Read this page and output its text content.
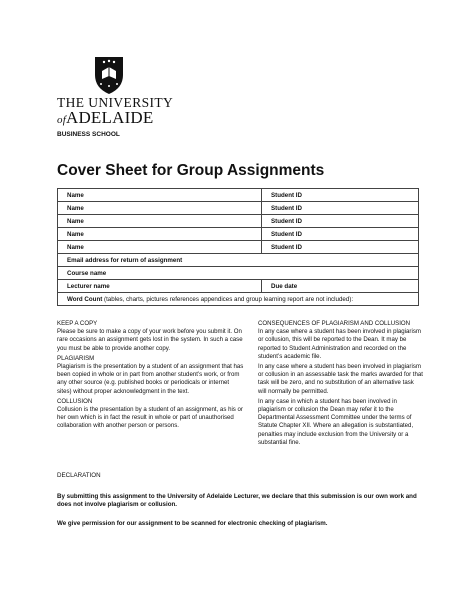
THE UNIVERSITY
ofADELAIDE
BUSINESS SCHOOL
Cover Sheet for Group Assignments
Name	Student ID
Name	Student ID
Name	Student ID
Name	Student ID
Name	Student ID
Email address for return of assignment	
Course name	
Lecturer name	Due date
Word Count (tables, charts, pictures references appendices and group learning report are not included):	
KEEP A COPY

Please be sure to make a copy of your work before you submit it. On rare occasions an assignment gets lost in the system. In such a case you must be able to provide another copy.

PLAGIARISM

Plagiarism is the presentation by a student of an assignment that has been copied in whole or in part from another student’s work, or from any other source (e.g. published books or periodicals or internet sites) without proper acknowledgment in the text.

COLLUSION

Collusion is the presentation by a student of an assignment, as his or her own which is in fact the result in whole or part of unauthorised collaboration with another person or persons.

CONSEQUENCES OF PLAGIARISM AND COLLUSION

In any case where a student has been involved in plagiarism or collusion, this will be reported to the Dean. It may be reported to Student Administration and recorded on the student’s academic file.

In any case where a student has been involved in plagiarism or collusion in an assessable task the marks awarded for that task will be zero, and no substitution of an alternative task will normally be permitted.

In any case in which a student has been involved in plagiarism or collusion the Dean may refer it to the Departmental Assessment Committee under the terms of Statute Chapter XII. Where an allegation is substantiated, penalties may include exclusion from the University or a substantial fine.

DECLARATION
By submitting this assignment to the University of Adelaide Lecturer, we declare that this submission is our own work and does not involve plagiarism or collusion.
We give permission for our assignment to be scanned for electronic checking of plagiarism.
